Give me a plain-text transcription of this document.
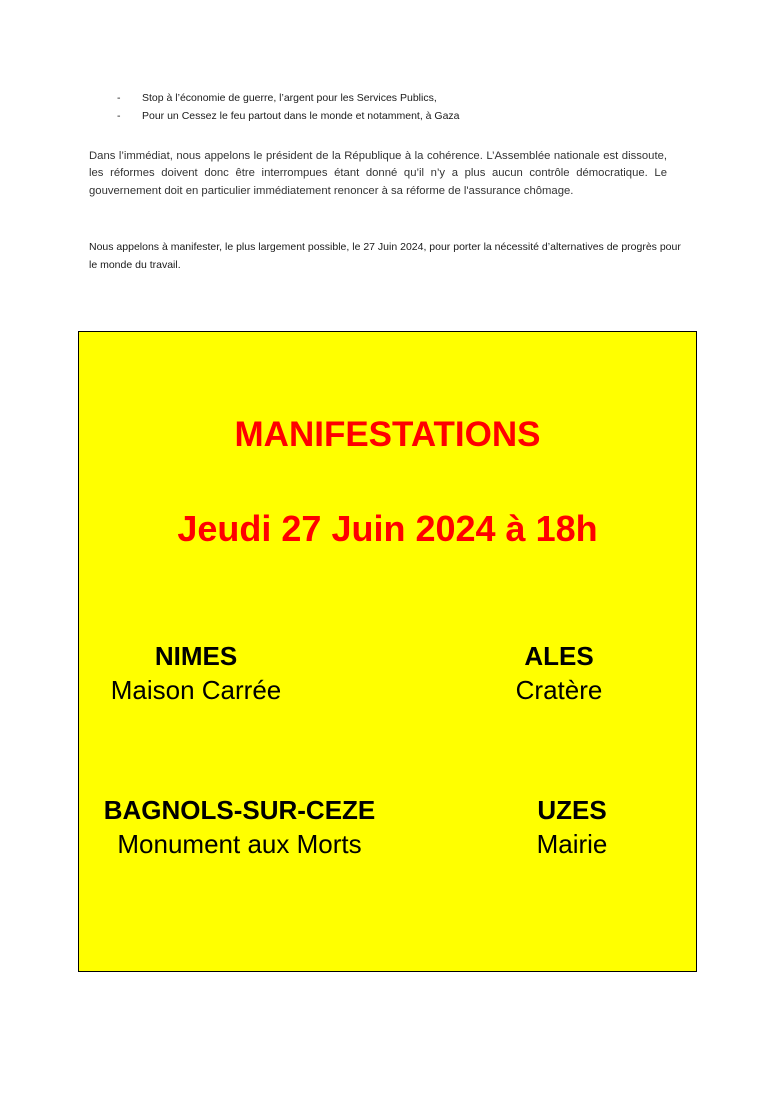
-	Stop à l’économie de guerre, l’argent pour les Services Publics,
-	Pour un Cessez le feu partout dans le monde et notamment, à Gaza

Dans l’immédiat, nous appelons le président de la République à la cohérence. L’Assemblée nationale est dissoute, les réformes doivent donc être interrompues étant donné qu’il n’y a plus aucun contrôle démocratique. Le gouvernement doit en particulier immédiatement renoncer à sa réforme de l'assurance chômage.

Nous appelons à manifester, le plus largement possible, le 27 Juin 2024, pour porter la nécessité d’alternatives de progrès pour le monde du travail.

MANIFESTATIONS
Jeudi 27 Juin 2024 à 18h
NIMES
Maison Carrée
ALES
Cratère
BAGNOLS-SUR-CEZE
Monument aux Morts
UZES
Mairie
